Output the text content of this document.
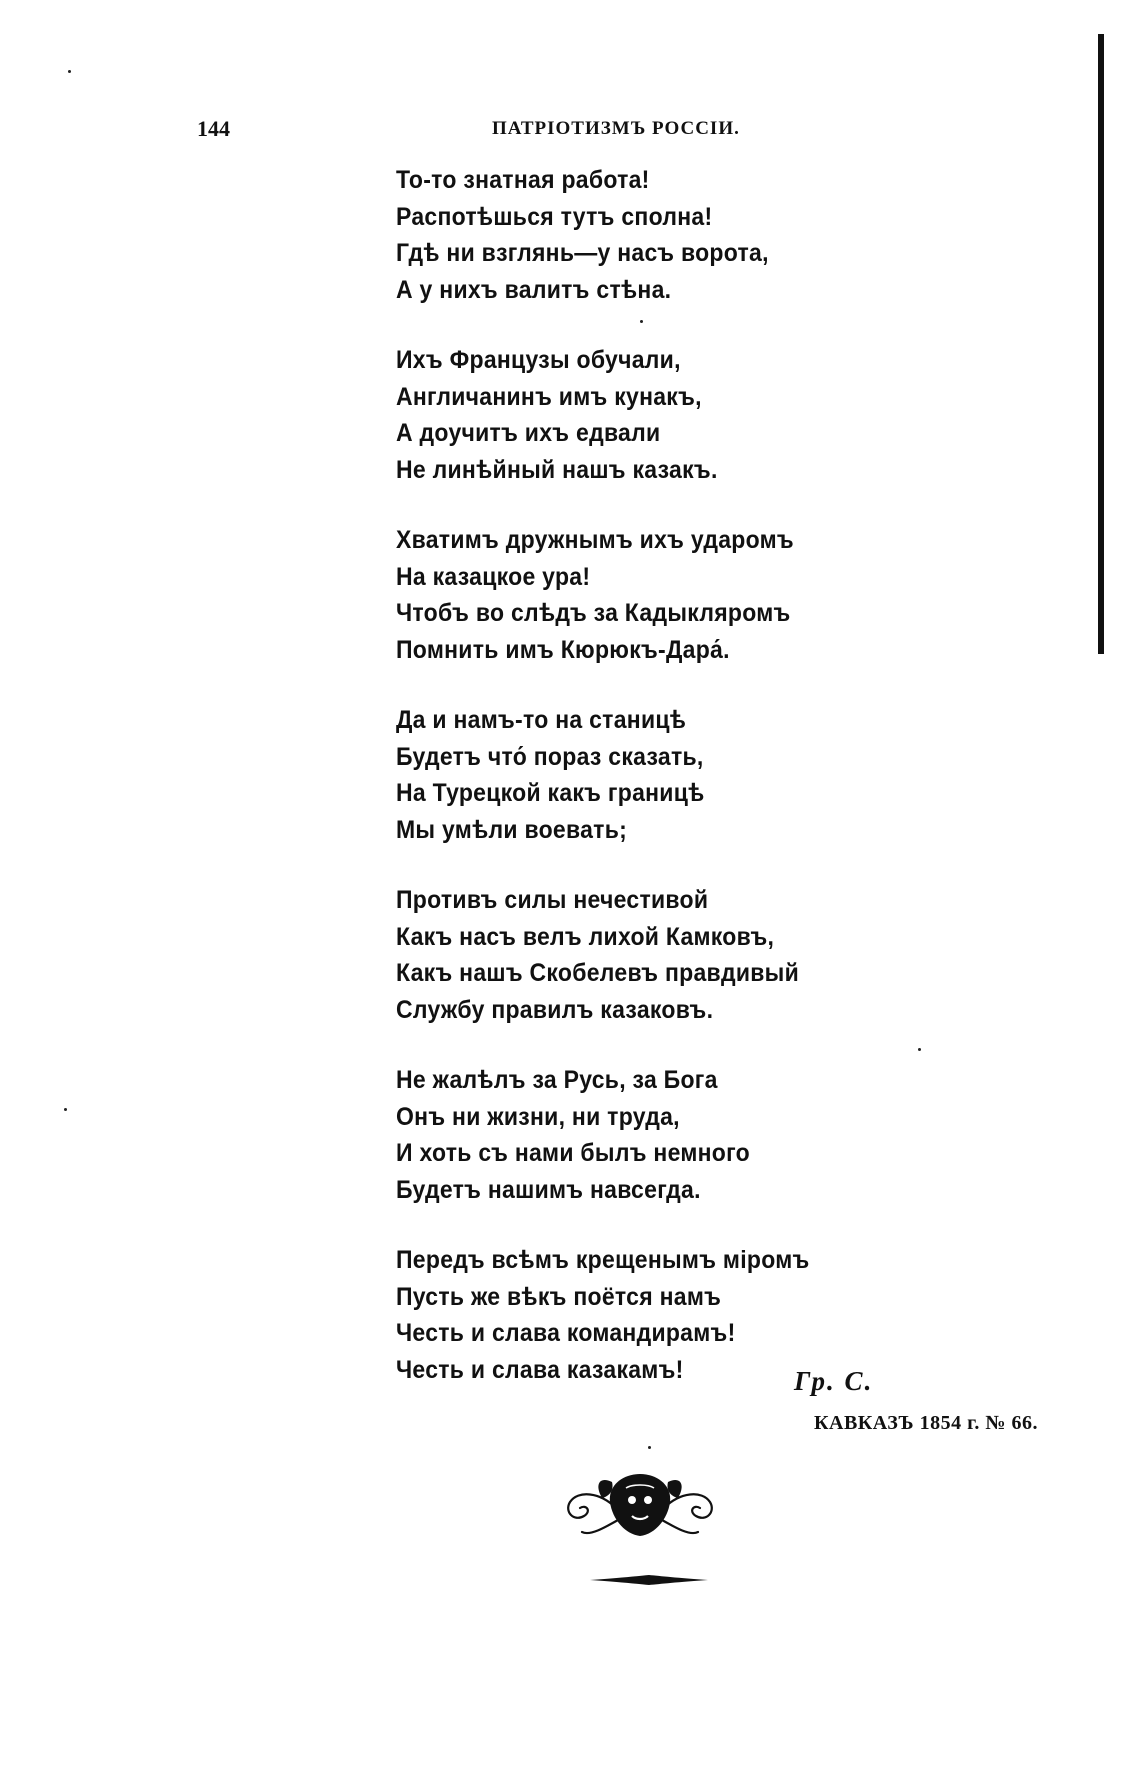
144	ПАТРІОТИЗМЪ РОССІИ.
То-то знатная работа!
Распотѣшься тутъ сполна!
Гдѣ ни взглянь—у насъ ворота,
А у нихъ валитъ стѣна.
Ихъ Французы обучали,
Англичанинъ имъ кунакъ,
А доучитъ ихъ едвали
Не линѣйный нашъ казакъ.
Хватимъ дружнымъ ихъ ударомъ
На казацкое ура!
Чтобъ во слѣдъ за Кадыкляромъ
Помнить имъ Кюрюкъ-Дара́.
Да и намъ-то на станицѣ
Будетъ что́ пораз сказать,
На Турецкой какъ границѣ
Мы умѣли воевать;
Противъ силы нечестивой
Какъ насъ велъ лихой Камковъ,
Какъ нашъ Скобелевъ правдивый
Службу правилъ казаковъ.
Не жалѣлъ за Русь, за Бога
Онъ ни жизни, ни труда,
И хоть съ нами былъ немного
Будетъ нашимъ навсегда.
Передъ всѣмъ крещенымъ міромъ
Пусть же вѣкъ поётся намъ
Честь и слава командирамъ!
Честь и слава казакамъ!	Гр. С.
КАВКАЗЪ 1854 г. № 66.
